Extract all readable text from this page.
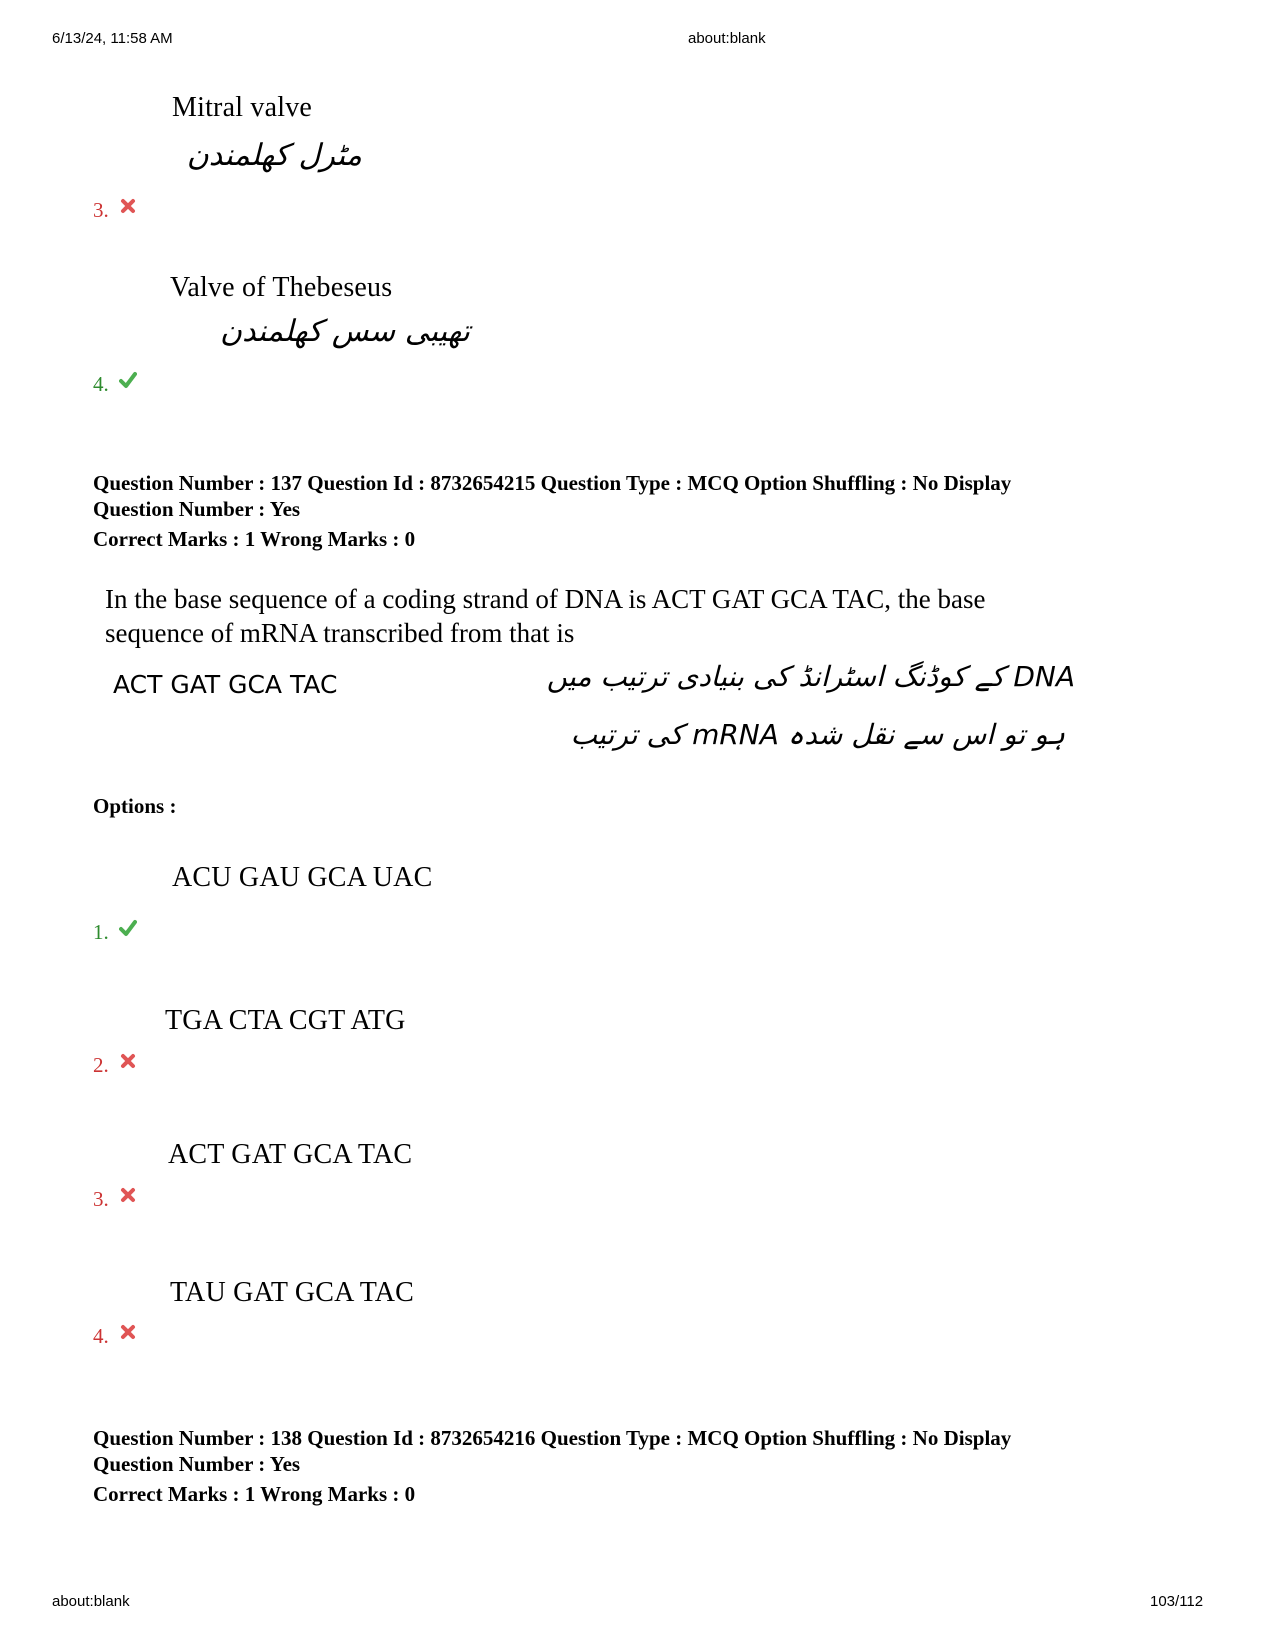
6/13/24, 11:58 AM	about:blank
Mitral valve
مٹرل کھلمندن
3.
Valve of Thebeseus
تھیبی سس کھلمندن
4.
Question Number : 137 Question Id : 8732654215 Question Type : MCQ Option Shuffling : No Display
Question Number : Yes
Correct Marks : 1 Wrong Marks : 0
In the base sequence of a coding strand of DNA is ACT GAT GCA TAC, the base
sequence of mRNA transcribed from that is
ACT GAT GCA TAC	DNA کے کوڈنگ اسٹرانڈ کی بنیادی ترتیب میں
ہو تو اس سے نقل شدہ mRNA کی ترتیب
Options :
ACU GAU GCA UAC
1.
TGA CTA CGT ATG
2.
ACT GAT GCA TAC
3.
TAU GAT GCA TAC
4.
Question Number : 138 Question Id : 8732654216 Question Type : MCQ Option Shuffling : No Display
Question Number : Yes
Correct Marks : 1 Wrong Marks : 0
about:blank	103/112
